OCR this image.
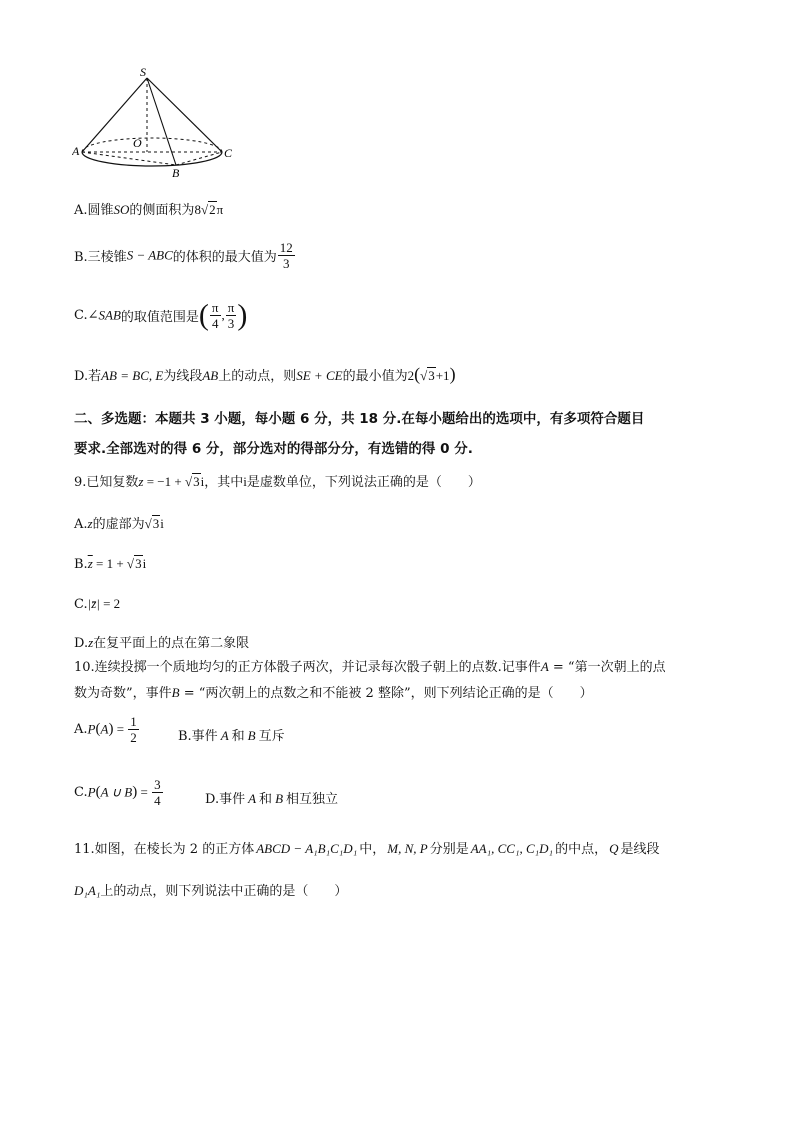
S
O
A
B
C
A.圆锥SO的侧面积为8√2π
B.三棱锥S − ABC的体积的最大值为 $\frac{12}{3}$
C.∠SAB的取值范围是( $\frac{\pi}{4}$ , $\frac{\pi}{3}$ )
D.若AB = BC, E为线段AB上的动点，则SE + CE的最小值为2(√3+1)
二、多选题：本题共 3 小题，每小题 6 分，共 18 分.在每小题给出的选项中，有多项符合题目
要求.全部选对的得 6 分，部分选对的得部分分，有选错的得 0 分.
9.已知复数z = −1 + √3i，其中i是虚数单位，下列说法正确的是（　　）
A.z的虚部为√3i
$B.\overline{z} = 1 + √3i$
C.|z̄| = 2
D.z在复平面上的点在第二象限
10.连续投掷一个质地均匀的正方体骰子两次，并记录每次骰子朝上的点数.记事件A = “第一次朝上的点
数为奇数”，事件B = “两次朝上的点数之和不能被 2 整除”，则下列结论正确的是（　　）
$A.P(A) = \frac{1}{2}$	B.事件 A 和 B 互斥
C.P(A ∪ $B) = \frac{3}{4}$	D.事件 A 和 B 相互独立
11.如图，在棱长为 2 的正方体 ABCD − A₁B₁C₁D₁ 中， M, N, P 分别是 AA₁, CC₁, C₁D₁ 的中点， Q 是线段
D₁A₁上的动点，则下列说法中正确的是（　　）
